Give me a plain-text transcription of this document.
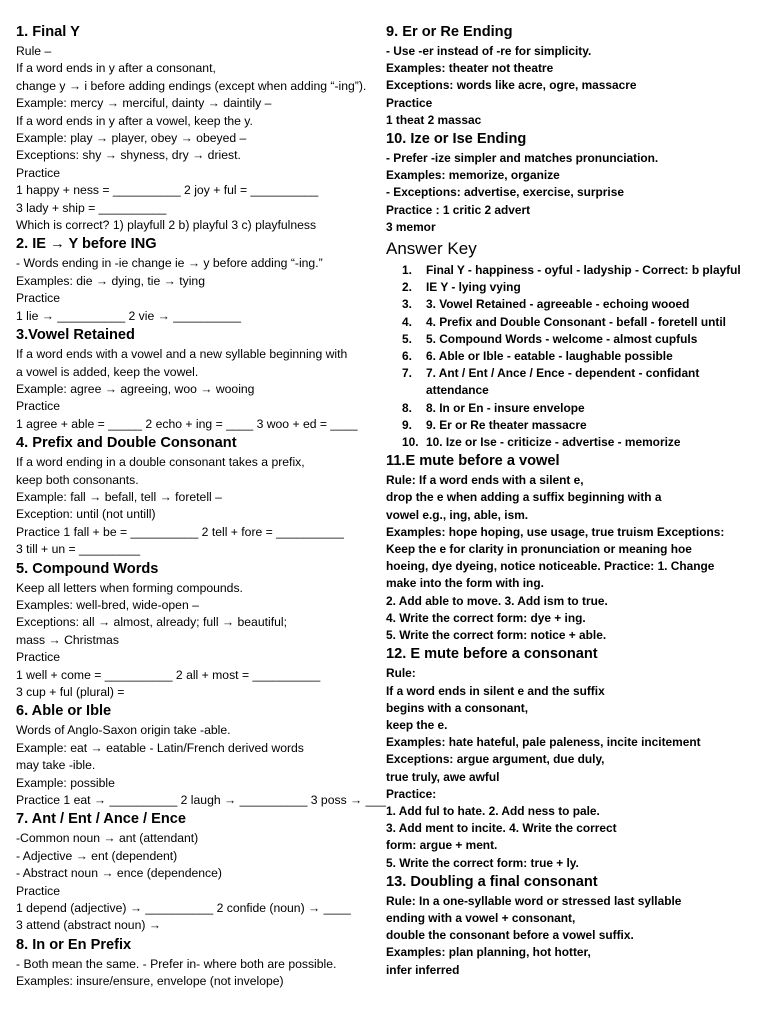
1. Final Y
Rule –
If a word ends in y after a consonant,
change y → i before adding endings (except when adding “-ing”).
Example: mercy → merciful, dainty → daintily –
If a word ends in y after a vowel, keep the y.
Example: play → player, obey → obeyed –
Exceptions: shy → shyness, dry → driest.
Practice
1 happy + ness = __________ 2 joy + ful = __________
3 lady + ship = __________
Which is correct? 1) playfull 2 b) playful 3 c) playfulness
2. IE → Y before ING
- Words ending in -ie change ie → y before adding “-ing.”
Examples: die → dying, tie → tying
Practice
1 lie → __________ 2 vie → __________
3.Vowel Retained
If a word ends with a vowel and a new syllable beginning with
a vowel is added, keep the vowel.
Example: agree → agreeing, woo → wooing
Practice
1 agree + able = _____ 2 echo + ing = ____ 3 woo + ed = ____
4. Prefix and Double Consonant
If a word ending in a double consonant takes a prefix,
keep both consonants.
Example: fall → befall, tell → foretell –
Exception: until (not untill)
Practice 1 fall + be = __________ 2 tell + fore = __________
3 till + un = _________
5. Compound Words
Keep all letters when forming compounds.
Examples: well-bred, wide-open –
Exceptions: all → almost, already; full → beautiful;
mass → Christmas
Practice
1 well + come = __________ 2 all + most = __________
3 cup + ful (plural) =
6. Able or Ible
Words of Anglo-Saxon origin take -able.
Example: eat → eatable - Latin/French derived words
may take -ible.
Example: possible
Practice 1 eat → __________ 2 laugh → __________ 3 poss → ___
7. Ant / Ent / Ance / Ence
-Common noun → ant (attendant)
- Adjective → ent (dependent)
- Abstract noun → ence (dependence)
Practice
1 depend (adjective) → __________ 2 confide (noun) → ____
3 attend (abstract noun) →
8. In or En Prefix
- Both mean the same. - Prefer in- where both are possible.
Examples: insure/ensure, envelope (not invelope)
9. Er or Re Ending
- Use -er instead of -re for simplicity.
Examples: theater not theatre
Exceptions: words like acre, ogre, massacre
Practice
1 theat 2 massac
10. Ize or Ise Ending
- Prefer -ize simpler and matches pronunciation.
Examples: memorize, organize
- Exceptions: advertise, exercise, surprise
Practice : 1 critic 2 advert
3 memor
Answer Key
1.	Final Y - happiness - oyful - ladyship - Correct: b playful
2.	IE Y - lying vying
3.	3. Vowel Retained - agreeable - echoing wooed
4.	4. Prefix and Double Consonant - befall - foretell until
5.	5. Compound Words - welcome - almost cupfuls
6.	6. Able or Ible - eatable - laughable possible
7.	7. Ant / Ent / Ance / Ence - dependent - confidant
attendance
8.	8. In or En - insure envelope
9.	9. Er or Re theater massacre
10. 10. Ize or Ise - criticize - advertise - memorize
11.E mute before a vowel
Rule: If a word ends with a silent e,
drop the e when adding a suffix beginning with a
vowel e.g., ing, able, ism.
Examples: hope hoping, use usage, true truism Exceptions:
Keep the e for clarity in pronunciation or meaning hoe
hoeing, dye dyeing, notice noticeable. Practice: 1. Change
make into the form with ing.
2. Add able to move. 3. Add ism to true.
4. Write the correct form: dye + ing.
5. Write the correct form: notice + able.
12. E mute before a consonant
Rule:
If a word ends in silent e and the suffix
begins with a consonant,
keep the e.
Examples: hate hateful, pale paleness, incite incitement
Exceptions: argue argument, due duly,
true truly, awe awful
Practice:
1. Add ful to hate. 2. Add ness to pale.
3. Add ment to incite. 4. Write the correct
form: argue + ment.
5. Write the correct form: true + ly.
13. Doubling a final consonant
Rule: In a one-syllable word or stressed last syllable
ending with a vowel + consonant,
double the consonant before a vowel suffix.
Examples: plan planning, hot hotter,
infer inferred
